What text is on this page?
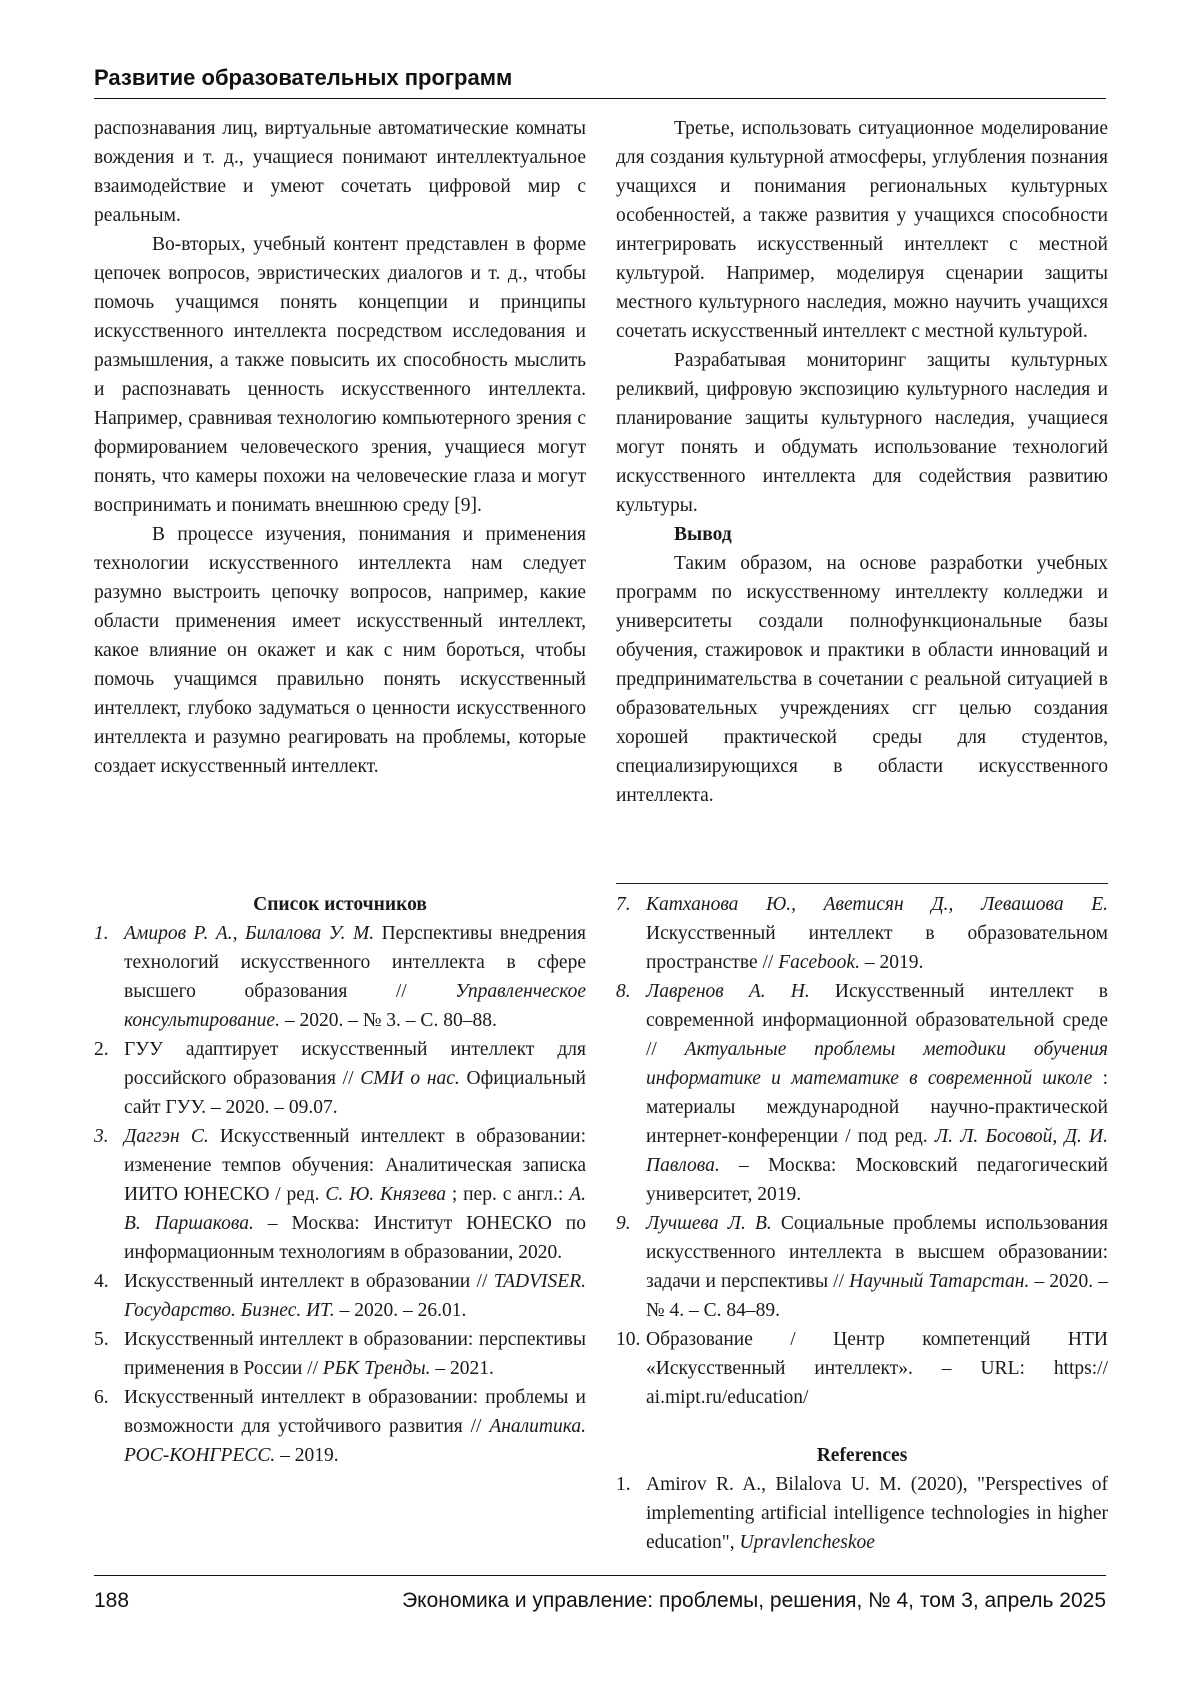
Развитие образовательных программ

распознавания лиц, виртуальные автоматические комнаты вождения и т. д., учащиеся понимают интеллектуальное взаимодействие и умеют сочетать цифровой мир с реальным.

Во-вторых, учебный контент представлен в форме цепочек вопросов, эвристических диалогов и т. д., чтобы помочь учащимся понять концепции и принципы искусственного интеллекта посредством исследования и размышления, а также повысить их способность мыслить и распознавать ценность искусственного интеллекта. Например, сравнивая технологию компьютерного зрения с формированием человеческого зрения, учащиеся могут понять, что камеры похожи на человеческие глаза и могут воспринимать и понимать внешнюю среду [9].

В процессе изучения, понимания и применения технологии искусственного интеллекта нам следует разумно выстроить цепочку вопросов, например, какие области применения имеет искусственный интеллект, какое влияние он окажет и как с ним бороться, чтобы помочь учащимся правильно понять искусственный интеллект, глубоко задуматься о ценности искусственного интеллекта и разумно реагировать на проблемы, которые создает искусственный интеллект.

Третье, использовать ситуационное моделирование для создания культурной атмосферы, углубления познания учащихся и понимания региональных культурных особенностей, а также развития у учащихся способности интегрировать искусственный интеллект с местной культурой. Например, моделируя сценарии защиты местного культурного наследия, можно научить учащихся сочетать искусственный интеллект с местной культурой.

Разрабатывая мониторинг защиты культурных реликвий, цифровую экспозицию культурного наследия и планирование защиты культурного наследия, учащиеся могут понять и обдумать использование технологий искусственного интеллекта для содействия развитию культуры.

Вывод

Таким образом, на основе разработки учебных программ по искусственному интеллекту колледжи и университеты создали полнофункциональные базы обучения, стажировок и практики в области инноваций и предпринимательства в сочетании с реальной ситуацией в образовательных учреждениях сгг целью создания хорошей практической среды для студентов, специализирующихся в области искусственного интеллекта.

Список источников

1. Амиров Р. А., Билалова У. М. Перспективы внедрения технологий искусственного интеллекта в сфере высшего образования // Управленческое консультирование. – 2020. – № 3. – С. 80–88.
2. ГУУ адаптирует искусственный интеллект для российского образования // СМИ о нас. Официальный сайт ГУУ. – 2020. – 09.07.
3. Даггэн С. Искусственный интеллект в образовании: изменение темпов обучения: Аналитическая записка ИИТО ЮНЕСКО / ред. С. Ю. Князева ; пер. с англ.: А. В. Паршакова. – Москва: Институт ЮНЕСКО по информационным технологиям в образовании, 2020.
4. Искусственный интеллект в образовании // TADVISER. Государство. Бизнес. ИТ. – 2020. – 26.01.
5. Искусственный интеллект в образовании: перспективы применения в России // РБК Тренды. – 2021.
6. Искусственный интеллект в образовании: проблемы и возможности для устойчивого развития // Аналитика. РОС-КОНГРЕСС. – 2019.
7. Катханова Ю., Аветисян Д., Левашова Е. Искусственный интеллект в образовательном пространстве // Facebook. – 2019.
8. Лавренов А. Н. Искусственный интеллект в современной информационной образовательной среде // Актуальные проблемы методики обучения информатике и математике в современной школе : материалы международной научно-практической интернет-конференции / под ред. Л. Л. Босовой, Д. И. Павлова. – Москва: Московский педагогический университет, 2019.
9. Лучшева Л. В. Социальные проблемы использования искусственного интеллекта в высшем образовании: задачи и перспективы // Научный Татарстан. – 2020. – № 4. – С. 84–89.
10. Образование / Центр компетенций НТИ «Искусственный интеллект». – URL: https:// ai.mipt.ru/education/

References

1. Amirov R. A., Bilalova U. M. (2020), "Perspectives of implementing artificial intelligence technologies in higher education", Upravlencheskoe
188	Экономика и управление: проблемы, решения, № 4, том 3, апрель 2025
